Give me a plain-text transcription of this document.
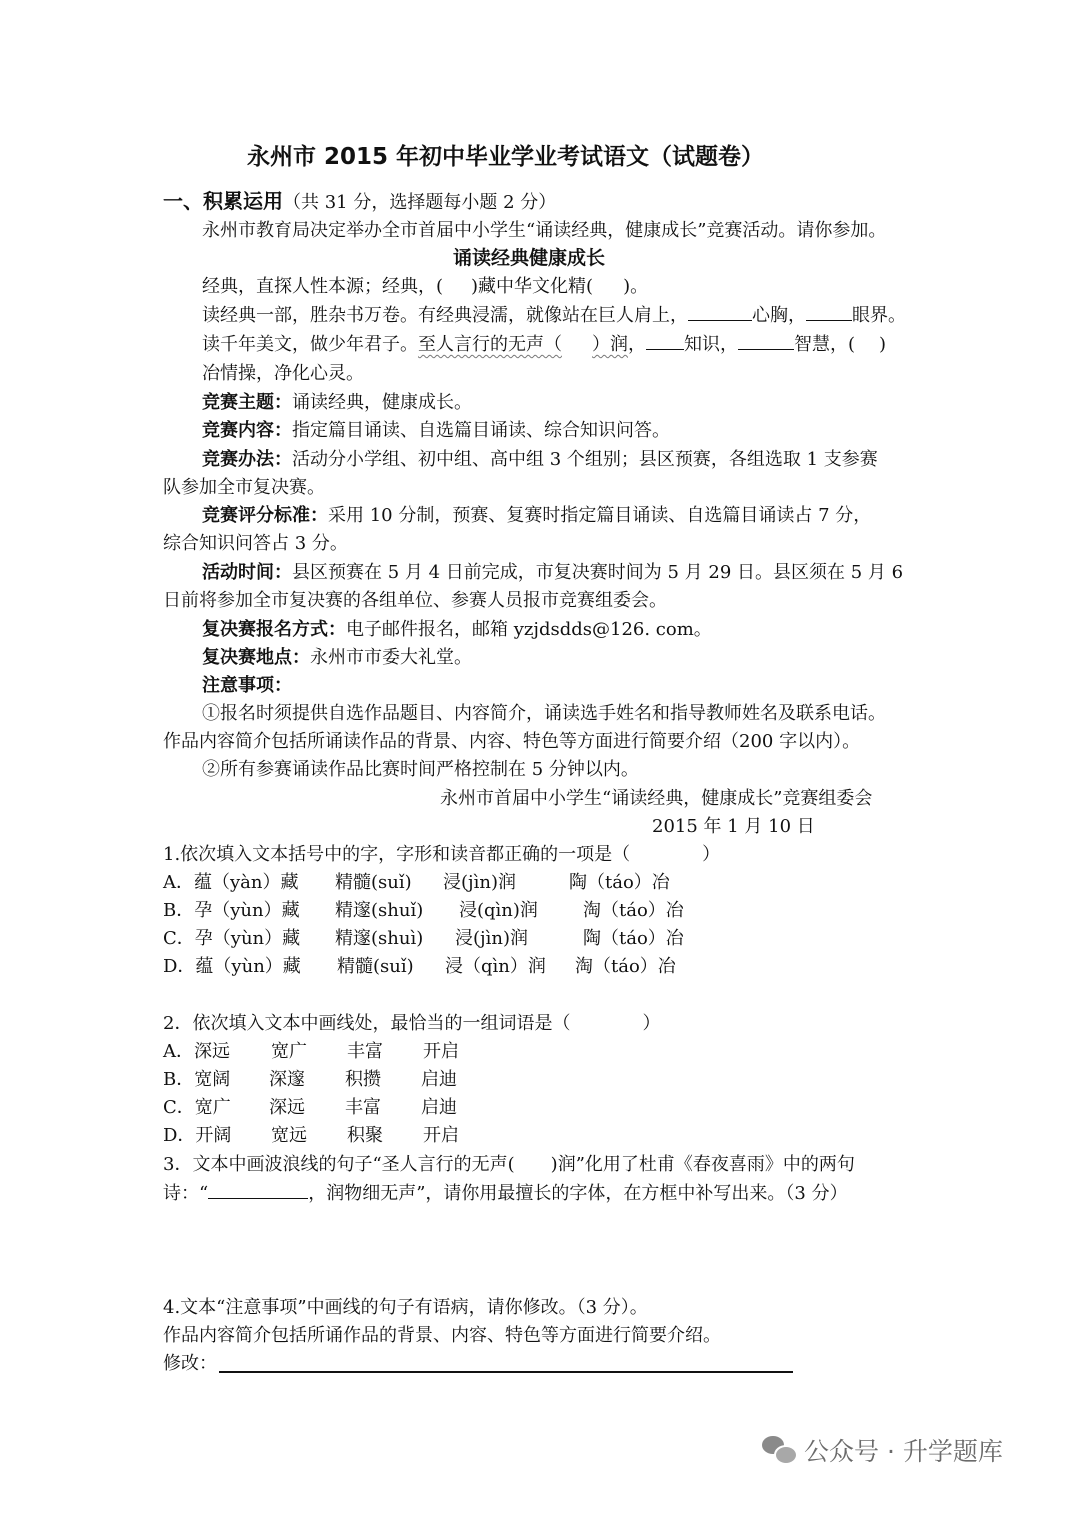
永州市 2015 年初中毕业学业考试语文（试题卷）
一、积累运用（共 31 分，选择题每小题 2 分）
永州市教育局决定举办全市首届中小学生“诵读经典，健康成长”竞赛活动。请你参加。
诵读经典健康成长
经典，直探人性本源；经典，( )藏中华文化精( )。
读经典一部，胜杂书万卷。有经典浸濡，就像站在巨人肩上，	心胸，	眼界。
读千年美文，做少年君子。至人言行的无声（ ）润， 知识，	智慧，( )
冶情操，净化心灵。
竞赛主题：诵读经典，健康成长。
竞赛内容：指定篇目诵读、自选篇目诵读、综合知识问答。
竞赛办法：活动分小学组、初中组、高中组 3 个组别；县区预赛，各组选取 1 支参赛
队参加全市复决赛。
竞赛评分标准：采用 10 分制，预赛、复赛时指定篇目诵读、自选篇目诵读占 7 分，
综合知识问答占 3 分。
活动时间：县区预赛在 5 月 4 日前完成，市复决赛时间为 5 月 29 日。县区须在 5 月 6
日前将参加全市复决赛的各组单位、参赛人员报市竞赛组委会。
复决赛报名方式：电子邮件报名，邮箱 yzjdsdds@126. com。
复决赛地点：永州市市委大礼堂。
注意事项：
①报名时须提供自选作品题目、内容简介，诵读选手姓名和指导教师姓名及联系电话。
作品内容简介包括所诵读作品的背景、内容、特色等方面进行简要介绍（200 字以内）。
②所有参赛诵读作品比赛时间严格控制在 5 分钟以内。
永州市首届中小学生“诵读经典，健康成长”竞赛组委会
2015 年 1 月 10 日
1.依次填入文本括号中的字，字形和读音都正确的一项是（　　　　）
A．蕴（yàn）藏 精髓(suǐ) 浸(jìn)润	陶（táo）冶
B．孕（yùn）藏 精邃(shuǐ) 浸(qìn)润	淘（táo）冶
C．孕（yùn）藏 精邃(shuì) 浸(jìn)润	陶（táo）冶
D．蕴（yùn）藏 精髓(suǐ) 浸（qìn）润 淘（táo）冶
2．依次填入文本中画线处，最恰当的一组词语是（　　　　）
A．深远 宽广 丰富 开启
B．宽阔 深邃 积攒 启迪
C．宽广 深远 丰富 启迪
D．开阔 宽远 积聚 开启
3．文本中画波浪线的句子“圣人言行的无声(　　)润”化用了杜甫《春夜喜雨》中的两句
诗：“	，润物细无声”，请你用最擅长的字体，在方框中补写出来。（3 分）
4.文本“注意事项”中画线的句子有语病，请你修改。（3 分）。
作品内容简介包括所诵作品的背景、内容、特色等方面进行简要介绍。
修改：
公众号 · 升学题库
